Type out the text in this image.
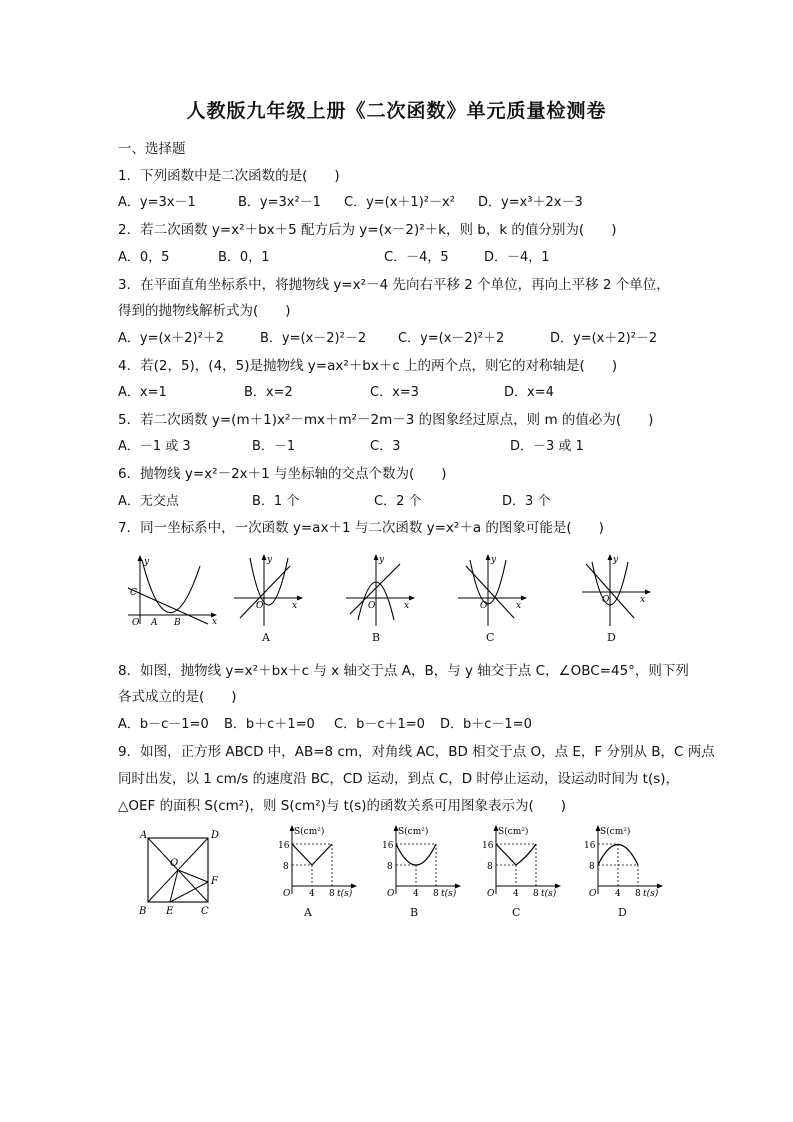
人教版九年级上册《二次函数》单元质量检测卷
一、选择题
1．下列函数中是二次函数的是(　　)
A．y=3x－1	B．y=3x²－1 C．y=(x＋1)²－x² D．y=x³＋2x－3
2．若二次函数 y=x²＋bx＋5 配方后为 y=(x－2)²＋k，则 b，k 的值分别为(　　)
A．0，5	B．0，1	C．－4，5	D．－4，1
3．在平面直角坐标系中，将抛物线 y=x²－4 先向右平移 2 个单位，再向上平移 2 个单位，
得到的抛物线解析式为(　　)
A．y=(x＋2)²＋2	B．y=(x－2)²－2 C．y=(x－2)²＋2	D．y=(x＋2)²－2
4．若(2，5)，(4，5)是抛物线 y=ax²＋bx＋c 上的两个点，则它的对称轴是(　　)
A．x=1	B．x=2	C．x=3	D．x=4
5．若二次函数 y=(m＋1)x²－mx＋m²－2m－3 的图象经过原点，则 m 的值必为(　　)
A．－1 或 3	B．－1	C．3	D．－3 或 1
6．抛物线 y=x²－2x＋1 与坐标轴的交点个数为(　　)
A．无交点	B．1 个	C．2 个	D．3 个
7．同一坐标系中，一次函数 y=ax＋1 与二次函数 y=x²＋a 的图象可能是(　　)
y
x
O
C
A B
y
x
O
A
y
x
O
B
y
x
O
C
y
x
O
D
8．如图，抛物线 y=x²＋bx＋c 与 x 轴交于点 A，B，与 y 轴交于点 C，∠OBC=45°，则下列
各式成立的是(　　)
A．b－c－1=0 B．b＋c＋1=0 C．b－c＋1=0 D．b＋c－1=0
9．如图，正方形 ABCD 中，AB=8 cm，对角线 AC，BD 相交于点 O，点 E，F 分别从 B，C 两点
同时出发，以 1 cm/s 的速度沿 BC，CD 运动，到点 C，D 时停止运动，设运动时间为 t(s)，
△OEF 的面积 S(cm²)，则 S(cm²)与 t(s)的函数关系可用图象表示为(　　)
A	D
O
F
B E	C
S(cm²)
16
8
O 4 8 t(s)
A
S(cm²)
16
8
O 4 8 t(s)
B
S(cm²)
16
8
O 4 8 t(s)
C
S(cm²)
16
8
O 4 8 t(s)
D
